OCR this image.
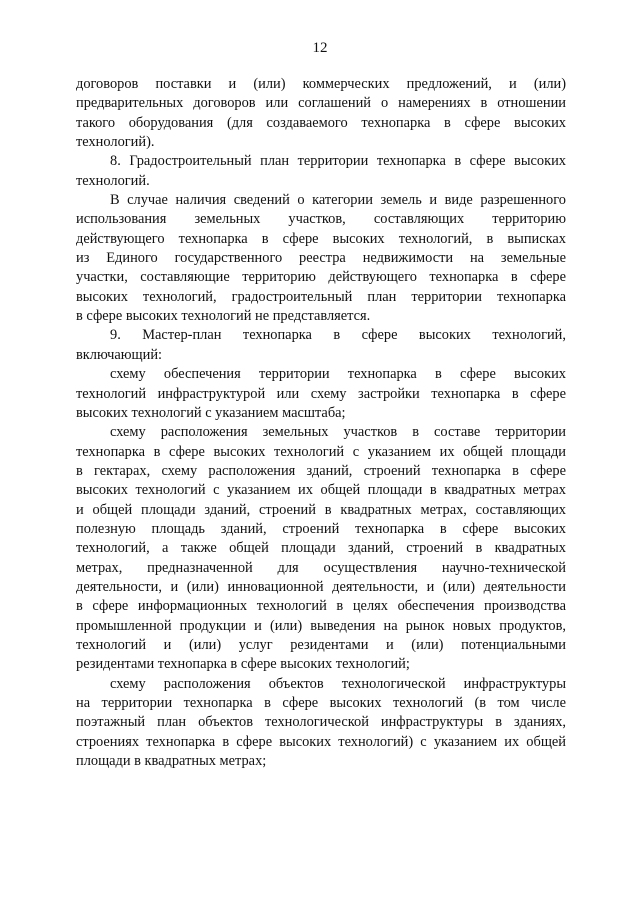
12
договоров поставки и (или) коммерческих предложений, и (или)
предварительных договоров или соглашений о намерениях в отношении
такого оборудования (для создаваемого технопарка в сфере высоких
технологий).
8. Градостроительный план территории технопарка в сфере высоких
технологий.
В случае наличия сведений о категории земель и виде разрешенного
использования земельных участков, составляющих территорию
действующего технопарка в сфере высоких технологий, в выписках
из Единого государственного реестра недвижимости на земельные
участки, составляющие территорию действующего технопарка в сфере
высоких технологий, градостроительный план территории технопарка
в сфере высоких технологий не представляется.
9. Мастер-план технопарка в сфере высоких технологий,
включающий:
схему обеспечения территории технопарка в сфере высоких
технологий инфраструктурой или схему застройки технопарка в сфере
высоких технологий с указанием масштаба;
схему расположения земельных участков в составе территории
технопарка в сфере высоких технологий с указанием их общей площади
в гектарах, схему расположения зданий, строений технопарка в сфере
высоких технологий с указанием их общей площади в квадратных метрах
и общей площади зданий, строений в квадратных метрах, составляющих
полезную площадь зданий, строений технопарка в сфере высоких
технологий, а также общей площади зданий, строений в квадратных
метрах, предназначенной для осуществления научно-технической
деятельности, и (или) инновационной деятельности, и (или) деятельности
в сфере информационных технологий в целях обеспечения производства
промышленной продукции и (или) выведения на рынок новых продуктов,
технологий и (или) услуг резидентами и (или) потенциальными
резидентами технопарка в сфере высоких технологий;
схему расположения объектов технологической инфраструктуры
на территории технопарка в сфере высоких технологий (в том числе
поэтажный план объектов технологической инфраструктуры в зданиях,
строениях технопарка в сфере высоких технологий) с указанием их общей
площади в квадратных метрах;
